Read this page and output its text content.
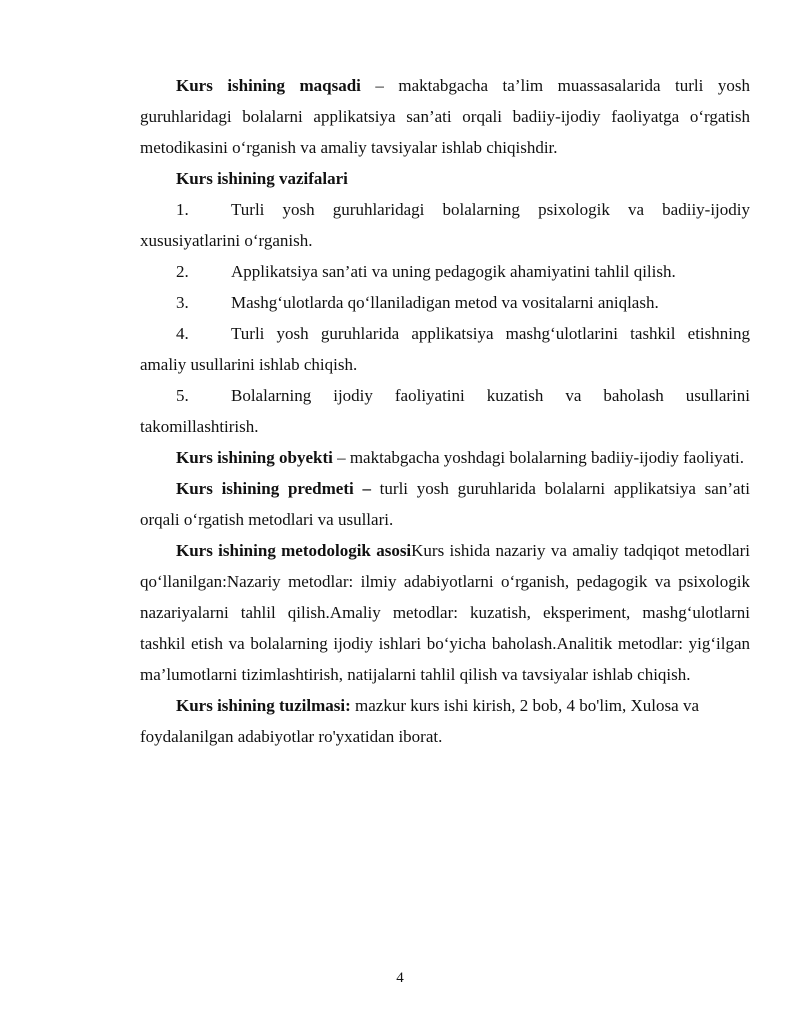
Kurs ishining maqsadi – maktabgacha ta’lim muassasalarida turli yosh guruhlaridagi bolalarni applikatsiya san’ati orqali badiiy-ijodiy faoliyatga o‘rgatish metodikasini o‘rganish va amaliy tavsiyalar ishlab chiqishdir.

Kurs ishining vazifalari

1. Turli yosh guruhlaridagi bolalarning psixologik va badiiy-ijodiy xususiyatlarini o‘rganish.

2. Applikatsiya san’ati va uning pedagogik ahamiyatini tahlil qilish.

3. Mashg‘ulotlarda qo‘llaniladigan metod va vositalarni aniqlash.

4. Turli yosh guruhlarida applikatsiya mashg‘ulotlarini tashkil etishning amaliy usullarini ishlab chiqish.

5. Bolalarning ijodiy faoliyatini kuzatish va baholash usullarini takomillashtirish.

Kurs ishining obyekti – maktabgacha yoshdagi bolalarning badiiy-ijodiy faoliyati.

Kurs ishining predmeti – turli yosh guruhlarida bolalarni applikatsiya san’ati orqali o‘rgatish metodlari va usullari.

Kurs ishining metodologik asosiKurs ishida nazariy va amaliy tadqiqot metodlari qo‘llanilgan:Nazariy metodlar: ilmiy adabiyotlarni o‘rganish, pedagogik va psixologik nazariyalarni tahlil qilish.Amaliy metodlar: kuzatish, eksperiment, mashg‘ulotlarni tashkil etish va bolalarning ijodiy ishlari bo‘yicha baholash.Analitik metodlar: yig‘ilgan ma’lumotlarni tizimlashtirish, natijalarni tahlil qilish va tavsiyalar ishlab chiqish.

Kurs ishining tuzilmasi: mazkur kurs ishi kirish, 2 bob, 4 bo'lim, Xulosa va foydalanilgan adabiyotlar ro'yxatidan iborat.

4
